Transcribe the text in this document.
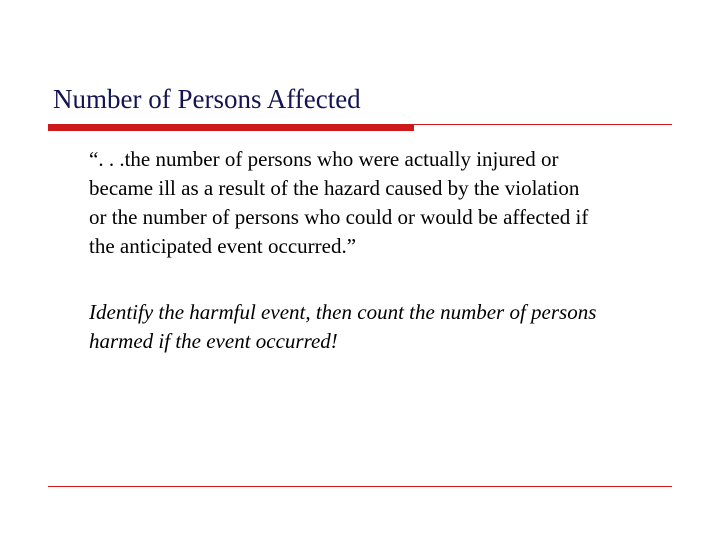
Number of Persons Affected

“. . .the number of persons who were actually injured or
became ill as a result of the hazard caused by the violation
or the number of persons who could or would be affected if
the anticipated event occurred.”

Identify the harmful event, then count the number of persons
harmed if the event occurred!
